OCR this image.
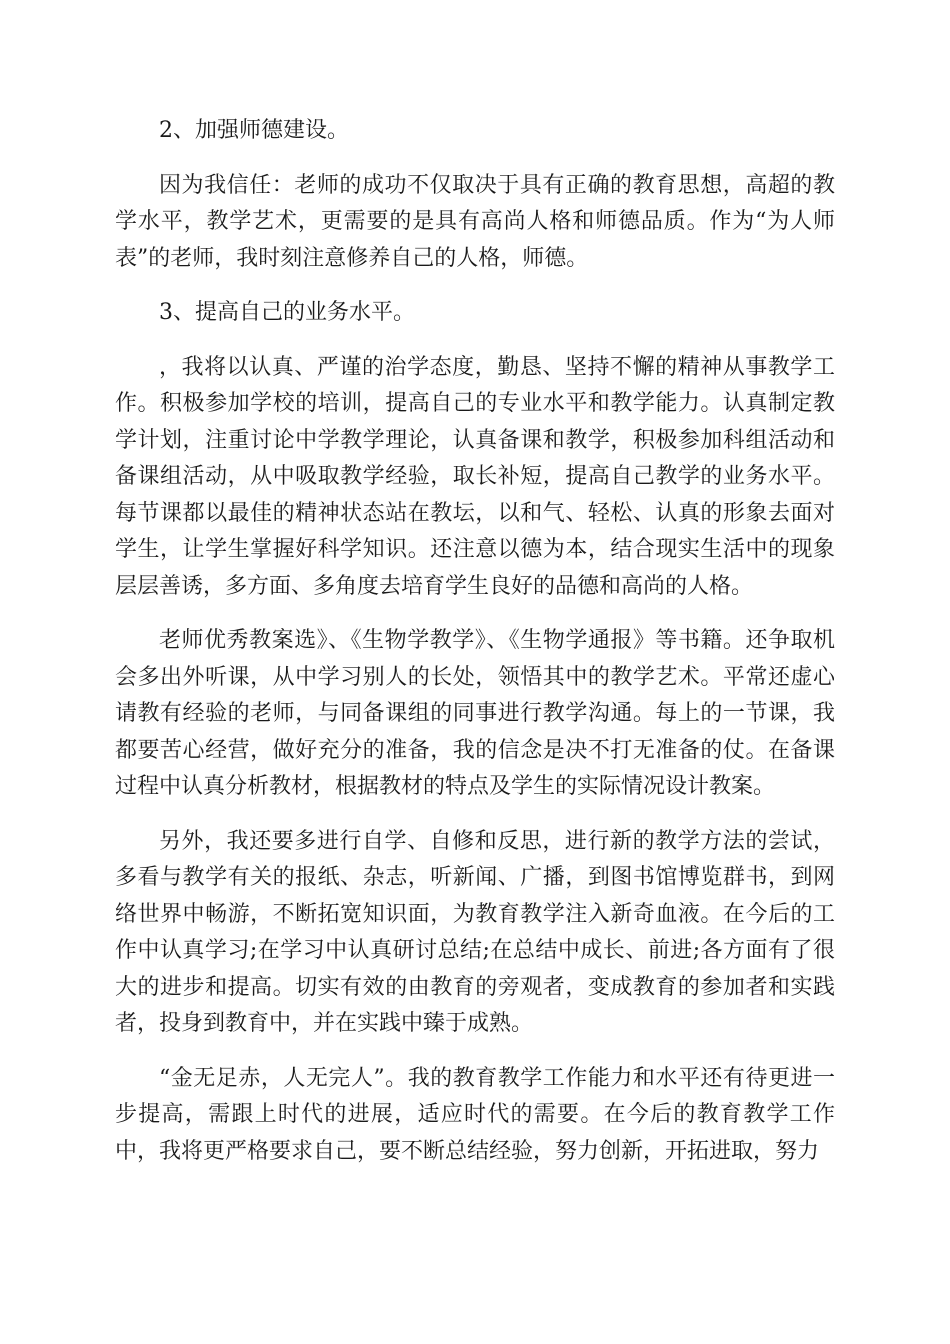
2、加强师德建设。

因为我信任：老师的成功不仅取决于具有正确的教育思想，高超的教学水平，教学艺术，更需要的是具有高尚人格和师德品质。作为“为人师表”的老师，我时刻注意修养自己的人格，师德。

3、提高自己的业务水平。

，我将以认真、严谨的治学态度，勤恳、坚持不懈的精神从事教学工作。积极参加学校的培训，提高自己的专业水平和教学能力。认真制定教学计划，注重讨论中学教学理论，认真备课和教学，积极参加科组活动和备课组活动，从中吸取教学经验，取长补短，提高自己教学的业务水平。每节课都以最佳的精神状态站在教坛，以和气、轻松、认真的形象去面对学生，让学生掌握好科学知识。还注意以德为本，结合现实生活中的现象层层善诱，多方面、多角度去培育学生良好的品德和高尚的人格。

老师优秀教案选》、《生物学教学》、《生物学通报》等书籍。还争取机会多出外听课，从中学习别人的长处，领悟其中的教学艺术。平常还虚心请教有经验的老师，与同备课组的同事进行教学沟通。每上的一节课，我都要苦心经营，做好充分的准备，我的信念是决不打无准备的仗。在备课过程中认真分析教材，根据教材的特点及学生的实际情况设计教案。

另外，我还要多进行自学、自修和反思，进行新的教学方法的尝试，多看与教学有关的报纸、杂志，听新闻、广播，到图书馆博览群书，到网络世界中畅游，不断拓宽知识面，为教育教学注入新奇血液。在今后的工作中认真学习;在学习中认真研讨总结;在总结中成长、前进;各方面有了很大的进步和提高。切实有效的由教育的旁观者，变成教育的参加者和实践者，投身到教育中，并在实践中臻于成熟。

“金无足赤，人无完人”。我的教育教学工作能力和水平还有待更进一步提高，需跟上时代的进展，适应时代的需要。在今后的教育教学工作中，我将更严格要求自己，要不断总结经验，努力创新，开拓进取，努力
